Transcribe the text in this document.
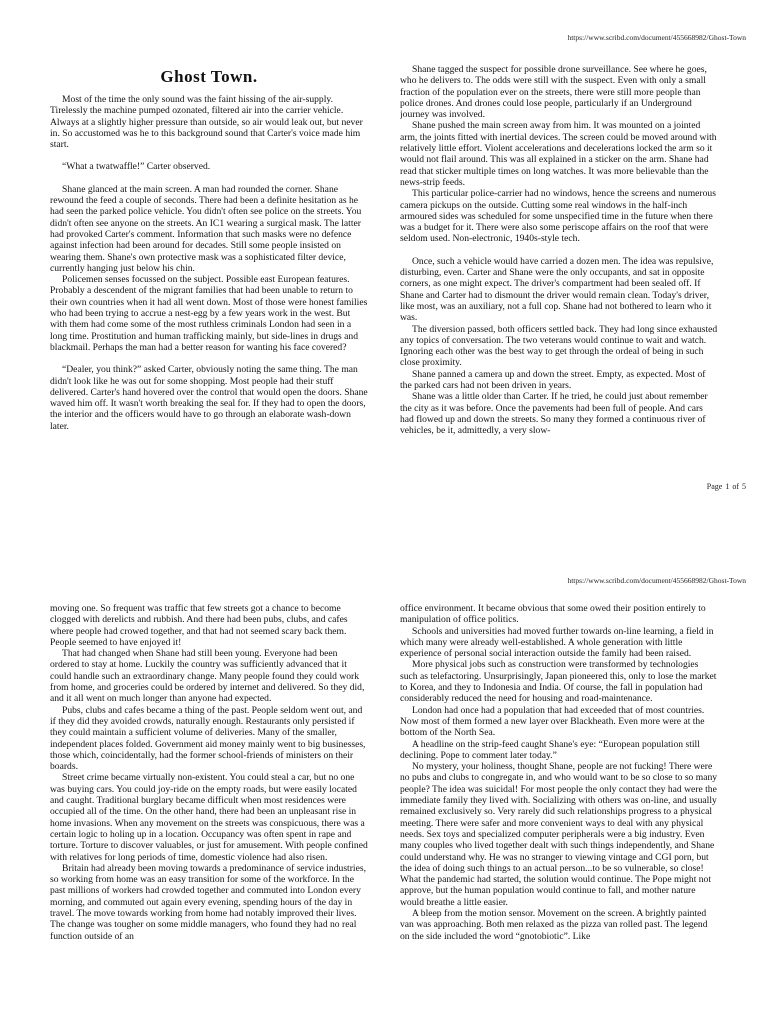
https://www.scribd.com/document/455668982/Ghost-Town
Ghost Town.

Most of the time the only sound was the faint hissing of the air-supply. Tirelessly the machine pumped ozonated, filtered air into the carrier vehicle. Always at a slightly higher pressure than outside, so air would leak out, but never in. So accustomed was he to this background sound that Carter's voice made him start.

“What a twatwaffle!” Carter observed.

Shane glanced at the main screen. A man had rounded the corner. Shane rewound the feed a couple of seconds. There had been a definite hesitation as he had seen the parked police vehicle. You didn't often see police on the streets. You didn't often see anyone on the streets. An IC1 wearing a surgical mask. The latter had provoked Carter's comment. Information that such masks were no defence against infection had been around for decades. Still some people insisted on wearing them. Shane's own protective mask was a sophisticated filter device, currently hanging just below his chin.

Policemen senses focussed on the subject. Possible east European features. Probably a descendent of the migrant families that had been unable to return to their own countries when it had all went down. Most of those were honest families who had been trying to accrue a nest-egg by a few years work in the west. But with them had come some of the most ruthless criminals London had seen in a long time. Prostitution and human trafficking mainly, but side-lines in drugs and blackmail. Perhaps the man had a better reason for wanting his face covered?

“Dealer, you think?” asked Carter, obviously noting the same thing. The man didn't look like he was out for some shopping. Most people had their stuff delivered. Carter's hand hovered over the control that would open the doors. Shane waved him off. It wasn't worth breaking the seal for. If they had to open the doors, the interior and the officers would have to go through an elaborate wash-down later.

Shane tagged the suspect for possible drone surveillance. See where he goes, who he delivers to. The odds were still with the suspect. Even with only a small fraction of the population ever on the streets, there were still more people than police drones. And drones could lose people, particularly if an Underground journey was involved.

Shane pushed the main screen away from him. It was mounted on a jointed arm, the joints fitted with inertial devices. The screen could be moved around with relatively little effort. Violent accelerations and decelerations locked the arm so it would not flail around. This was all explained in a sticker on the arm. Shane had read that sticker multiple times on long watches. It was more believable than the news-strip feeds.

This particular police-carrier had no windows, hence the screens and numerous camera pickups on the outside. Cutting some real windows in the half-inch armoured sides was scheduled for some unspecified time in the future when there was a budget for it. There were also some periscope affairs on the roof that were seldom used. Non-electronic, 1940s-style tech.

Once, such a vehicle would have carried a dozen men. The idea was repulsive, disturbing, even. Carter and Shane were the only occupants, and sat in opposite corners, as one might expect. The driver's compartment had been sealed off. If Shane and Carter had to dismount the driver would remain clean. Today's driver, like most, was an auxiliary, not a full cop. Shane had not bothered to learn who it was.

The diversion passed, both officers settled back. They had long since exhausted any topics of conversation. The two veterans would continue to wait and watch. Ignoring each other was the best way to get through the ordeal of being in such close proximity.

Shane panned a camera up and down the street. Empty, as expected. Most of the parked cars had not been driven in years.

Shane was a little older than Carter. If he tried, he could just about remember the city as it was before. Once the pavements had been full of people. And cars had flowed up and down the streets. So many they formed a continuous river of vehicles, be it, admittedly, a very slow-

Page 1 of 5
https://www.scribd.com/document/455668982/Ghost-Town

moving one. So frequent was traffic that few streets got a chance to become clogged with derelicts and rubbish. And there had been pubs, clubs, and cafes where people had crowed together, and that had not seemed scary back them. People seemed to have enjoyed it!

That had changed when Shane had still been young. Everyone had been ordered to stay at home. Luckily the country was sufficiently advanced that it could handle such an extraordinary change. Many people found they could work from home, and groceries could be ordered by internet and delivered. So they did, and it all went on much longer than anyone had expected.

Pubs, clubs and cafes became a thing of the past. People seldom went out, and if they did they avoided crowds, naturally enough. Restaurants only persisted if they could maintain a sufficient volume of deliveries. Many of the smaller, independent places folded. Government aid money mainly went to big businesses, those which, coincidentally, had the former school-friends of ministers on their boards.

Street crime became virtually non-existent. You could steal a car, but no one was buying cars. You could joy-ride on the empty roads, but were easily located and caught. Traditional burglary became difficult when most residences were occupied all of the time. On the other hand, there had been an unpleasant rise in home invasions. When any movement on the streets was conspicuous, there was a certain logic to holing up in a location. Occupancy was often spent in rape and torture. Torture to discover valuables, or just for amusement. With people confined with relatives for long periods of time, domestic violence had also risen.

Britain had already been moving towards a predominance of service industries, so working from home was an easy transition for some of the workforce. In the past millions of workers had crowded together and commuted into London every morning, and commuted out again every evening, spending hours of the day in travel. The move towards working from home had notably improved their lives. The change was tougher on some middle managers, who found they had no real function outside of an

office environment. It became obvious that some owed their position entirely to manipulation of office politics.

Schools and universities had moved further towards on-line learning, a field in which many were already well-established. A whole generation with little experience of personal social interaction outside the family had been raised.

More physical jobs such as construction were transformed by technologies such as telefactoring. Unsurprisingly, Japan pioneered this, only to lose the market to Korea, and they to Indonesia and India. Of course, the fall in population had considerably reduced the need for housing and road-maintenance.

London had once had a population that had exceeded that of most countries. Now most of them formed a new layer over Blackheath. Even more were at the bottom of the North Sea.

A headline on the strip-feed caught Shane's eye: “European population still declining. Pope to comment later today.”

No mystery, your holiness, thought Shane, people are not fucking! There were no pubs and clubs to congregate in, and who would want to be so close to so many people? The idea was suicidal! For most people the only contact they had were the immediate family they lived with. Socializing with others was on-line, and usually remained exclusively so. Very rarely did such relationships progress to a physical meeting. There were safer and more convenient ways to deal with any physical needs. Sex toys and specialized computer peripherals were a big industry. Even many couples who lived together dealt with such things independently, and Shane could understand why. He was no stranger to viewing vintage and CGI porn, but the idea of doing such things to an actual person...to be so vulnerable, so close! What the pandemic had started, the solution would continue. The Pope might not approve, but the human population would continue to fall, and mother nature would breathe a little easier.

A bleep from the motion sensor. Movement on the screen. A brightly painted van was approaching. Both men relaxed as the pizza van rolled past. The legend on the side included the word “gnotobiotic”. Like
